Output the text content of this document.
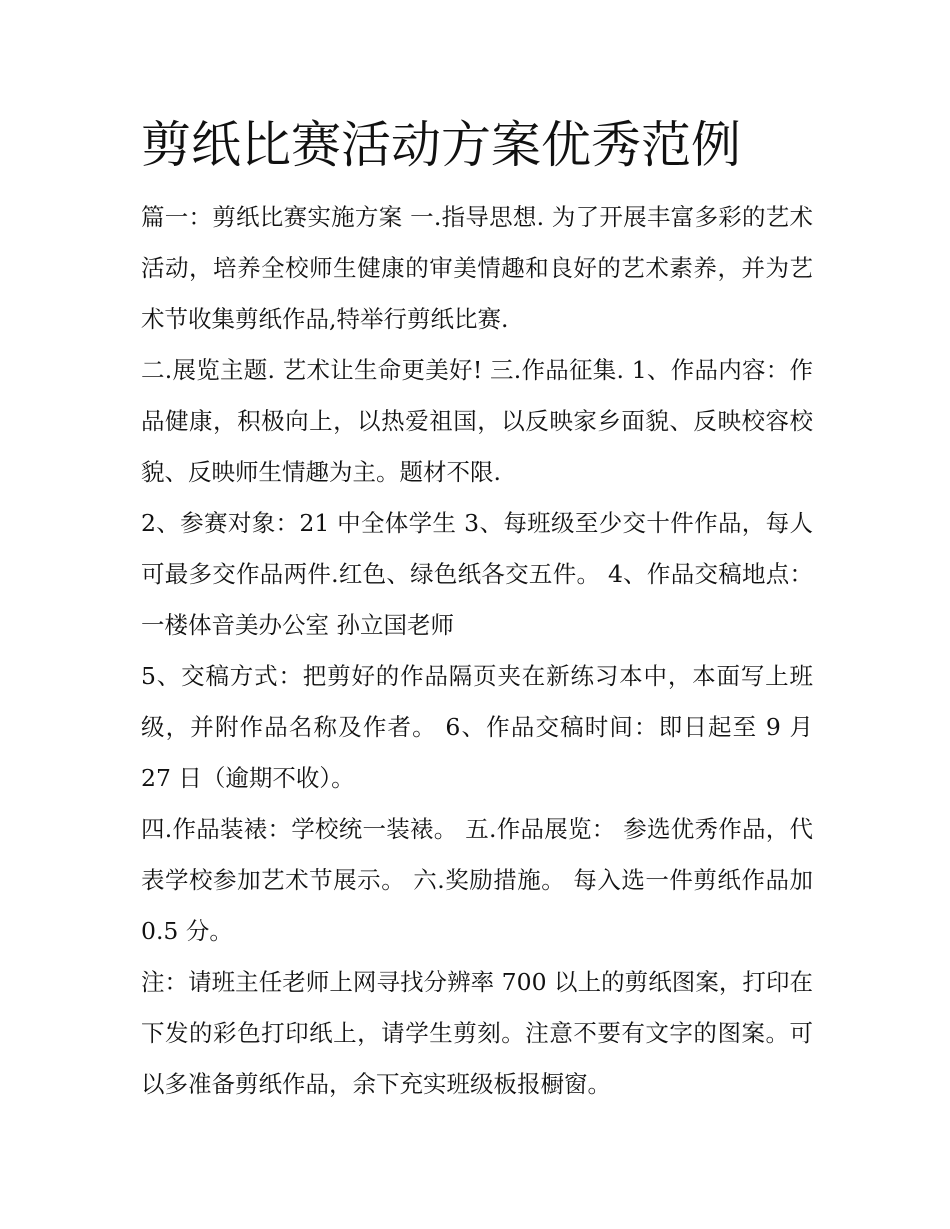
剪纸比赛活动方案优秀范例

篇一：剪纸比赛实施方案 一.指导思想. 为了开展丰富多彩的艺术活动，培养全校师生健康的审美情趣和良好的艺术素养，并为艺术节收集剪纸作品,特举行剪纸比赛.

二.展览主题. 艺术让生命更美好! 三.作品征集. 1、作品内容：作品健康，积极向上，以热爱祖国，以反映家乡面貌、反映校容校貌、反映师生情趣为主。题材不限.

2、参赛对象：21 中全体学生 3、每班级至少交十件作品，每人可最多交作品两件.红色、绿色纸各交五件。 4、作品交稿地点：一楼体音美办公室 孙立国老师

5、交稿方式：把剪好的作品隔页夹在新练习本中，本面写上班级，并附作品名称及作者。 6、作品交稿时间：即日起至 9 月 27 日（逾期不收）。

四.作品装裱：学校统一装裱。 五.作品展览： 参选优秀作品，代表学校参加艺术节展示。 六.奖励措施。 每入选一件剪纸作品加 0.5 分。

注：请班主任老师上网寻找分辨率 700 以上的剪纸图案，打印在下发的彩色打印纸上，请学生剪刻。注意不要有文字的图案。可以多准备剪纸作品，余下充实班级板报橱窗。
